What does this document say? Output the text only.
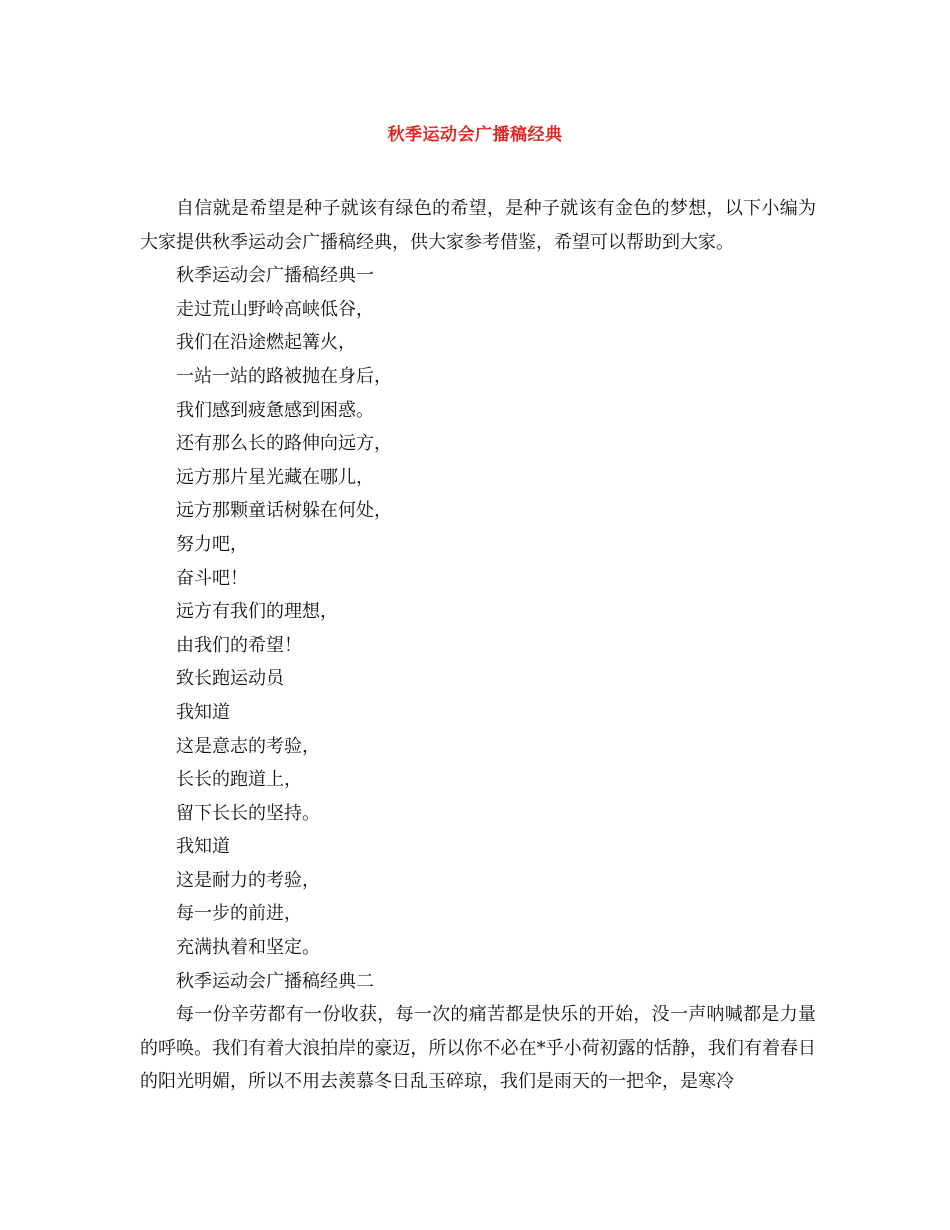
秋季运动会广播稿经典

自信就是希望是种子就该有绿色的希望，是种子就该有金色的梦想，以下小编为大家提供秋季运动会广播稿经典，供大家参考借鉴，希望可以帮助到大家。

秋季运动会广播稿经典一

走过荒山野岭高峡低谷，

我们在沿途燃起篝火，

一站一站的路被抛在身后，

我们感到疲惫感到困惑。

还有那么长的路伸向远方，

远方那片星光藏在哪儿，

远方那颗童话树躲在何处，

努力吧，

奋斗吧！

远方有我们的理想，

由我们的希望！

致长跑运动员

我知道

这是意志的考验，

长长的跑道上，

留下长长的坚持。

我知道

这是耐力的考验，

每一步的前进，

充满执着和坚定。

秋季运动会广播稿经典二

每一份辛劳都有一份收获，每一次的痛苦都是快乐的开始，没一声呐喊都是力量的呼唤。我们有着大浪拍岸的豪迈，所以你不必在*乎小荷初露的恬静，我们有着春日的阳光明媚，所以不用去羡慕冬日乱玉碎琼，我们是雨天的一把伞，是寒冷
